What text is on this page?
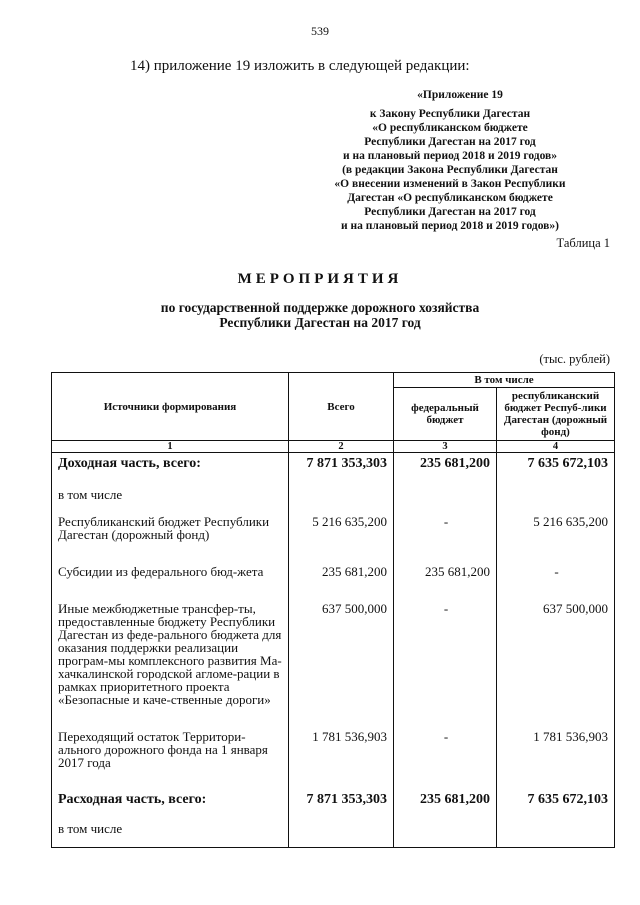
539
14) приложение 19 изложить в следующей редакции:
«Приложение 19
к Закону Республики Дагестан
«О республиканском бюджете
Республики Дагестан на 2017 год
и на плановый период 2018 и 2019 годов»
(в редакции Закона Республики Дагестан
«О внесении изменений в Закон Республики
Дагестан «О республиканском бюджете
Республики Дагестан на 2017 год
и на плановый период 2018 и 2019 годов»)
Таблица 1
МЕРОПРИЯТИЯ
по государственной поддержке дорожного хозяйства
Республики Дагестан на 2017 год
(тыс. рублей)
Источники формирования	Всего	В том числе	
		федеральный бюджет	республиканский бюджет Респуб-лики Дагестан (дорожный фонд)
1	2	3	4
Доходная часть, всего:	7 871 353,303	235 681,200	7 635 672,103
в том числе			
Республиканский бюджет Республики Дагестан (дорожный фонд)	5 216 635,200	-	5 216 635,200
Субсидии из федерального бюд-жета	235 681,200	235 681,200	-
Иные межбюджетные трансфер-ты, предоставленные бюджету Республики Дагестан из феде-рального бюджета для оказания поддержки реализации програм-мы комплексного развития Ма-хачкалинской городской агломе-рации в рамках приоритетного проекта «Безопасные и каче-ственные дороги»	637 500,000	-	637 500,000
Переходящий остаток Территори-ального дорожного фонда на 1 января 2017 года	1 781 536,903	-	1 781 536,903
Расходная часть, всего:	7 871 353,303	235 681,200	7 635 672,103
в том числе			
